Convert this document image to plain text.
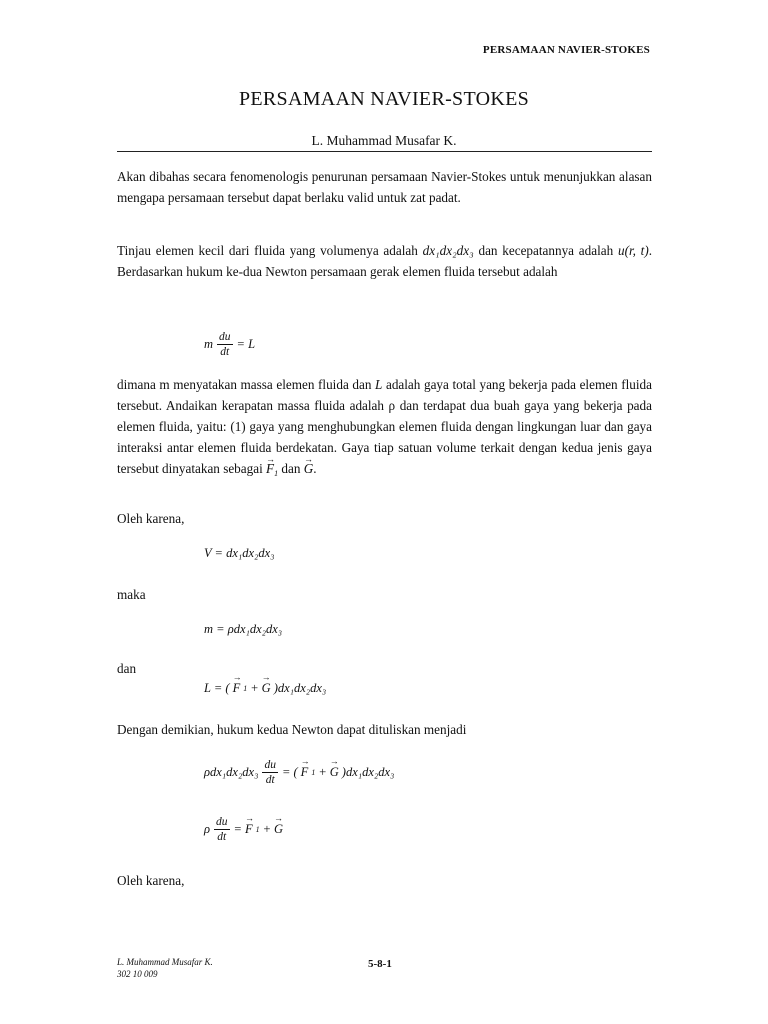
PERSAMAAN NAVIER-STOKES
PERSAMAAN NAVIER-STOKES
L. Muhammad Musafar K.

Akan dibahas secara fenomenologis penurunan persamaan Navier-Stokes untuk menunjukkan alasan mengapa persamaan tersebut dapat berlaku valid untuk zat padat.

Tinjau elemen kecil dari fluida yang volumenya adalah dx₁dx₂dx₃ dan kecepatannya adalah u(r, t). Berdasarkan hukum ke-dua Newton persamaan gerak elemen fluida tersebut adalah

m $\frac{du}{dt} = L$

dimana m menyatakan massa elemen fluida dan L adalah gaya total yang bekerja pada elemen fluida tersebut. Andaikan kerapatan massa fluida adalah ρ dan terdapat dua buah gaya yang bekerja pada elemen fluida, yaitu: (1) gaya yang menghubungkan elemen fluida dengan lingkungan luar dan gaya interaksi antar elemen fluida berdekatan. Gaya tiap satuan volume terkait dengan kedua jenis gaya tersebut dinyatakan sebagai → $F_1$ dan → G.

Oleh karena,

V = dx₁dx₂dx₃

maka

m = ρdx₁dx₂dx₃

dan

L = ( → F 1 + → G )dx₁dx₂dx₃

Dengan demikian, hukum kedua Newton dapat dituliskan menjadi

$\rho dx_1dx_2dx_3 \frac{du}{dt}$ = ( → F 1 + → G )dx₁dx₂dx₃
ρ $\frac{du}{dt}$ = → F 1 + → G

Oleh karena,

L. Muhammad Musafar K.
302 10 009
5-8-1
